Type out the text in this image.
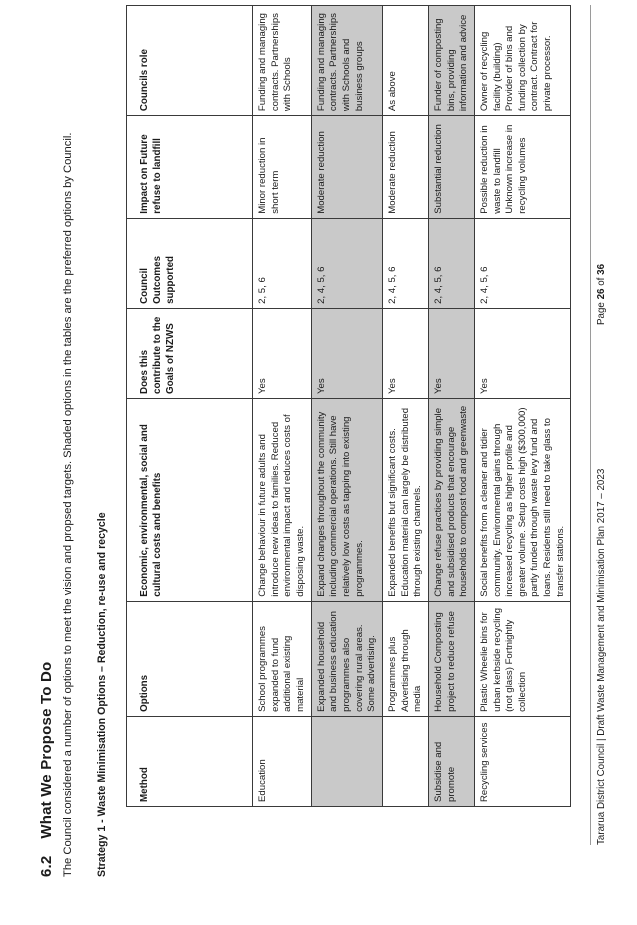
6.2 What We Propose To Do The Council considered a number of options to meet the vision and propsed targets. Shaded options in the tables are the preferred options by Council. Strategy 1 - Waste Minimisation Options – Reduction, re-use and recycle	Method	Options	Economic, environmental, social and cultural costs and benefits	Does this contribute to the Goals of NZWS	Council Outcomes supported	Impact on Future refuse to landfill	Councils role
Education	School programmes expanded to fund additional existing material	Change behaviour in future adults and introduce new ideas to families. Reduced environmental impact and reduces costs of disposing waste.	Yes	2, 5, 6	Minor reduction in short term	Funding and managing contracts. Partnerships with Schools
	Expanded household and business education programmes also covering rural areas. Some advertising.	Expand changes throughout the community including commercial operations. Still have relatively low costs as tapping into existing programmes.	Yes	2, 4, 5, 6	Moderate reduction	Funding and managing contracts. Partnerships with Schools and business groups
	Programmes plus Advertising through media	Expanded benefits but significant costs. Education material can largely be distributed through existing channels.	Yes	2, 4, 5, 6	Moderate reduction	As above
Subsidise and promote	Household Composting project to reduce refuse	Change refuse practices by providing simple and subsidised products that encourage households to compost food and greenwaste	Yes	2, 4, 5, 6	Substantial reduction	Funder of composting bins, providing information and advice
Recycling services	Plastic Wheelie bins for urban kerbside recycling (not glass) Fortnightly collection	Social benefits from a cleaner and tidier community. Environmental gains through increased recycling as higher profile and greater volume. Setup costs high ($300,000) partly funded through waste levy fund and loans. Residents still need to take glass to transfer stations.	Yes	2, 4, 5, 6	Possible reduction in waste to landfill Unknown increase in recycling volumes	Owner of recycling facility (building) Provider of bins and funding collection by contract. Contract for private processor.
Tararua District Council | Draft Waste Management and Minimisation Plan 2017 – 2023
Page 26 of 36
